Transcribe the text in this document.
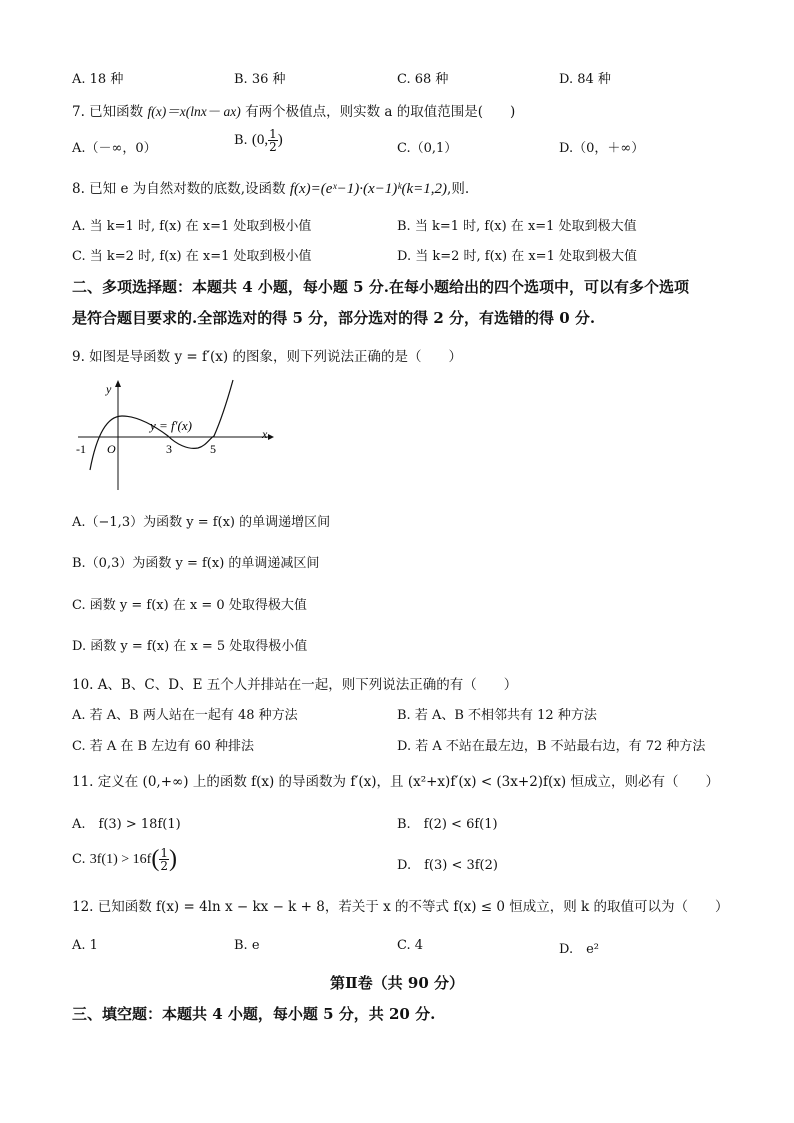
A. 18 种	B. 36 种	C. 68 种	D. 84 种
7. 已知函数 f(x)＝x(lnx－ ax) 有两个极值点，则实数 a 的取值范围是(　　)
A.（－∞，0）
B. (0, $\frac{1}{2}$ )
C.（0,1）	D.（0，＋∞）
8. 已知 e 为自然对数的底数,设函数 f(x)=(eˣ−1)·(x−1)ᵏ(k=1,2),则.
A. 当 k=1 时, f(x) 在 x=1 处取到极小值	B. 当 k=1 时, f(x) 在 x=1 处取到极大值
C. 当 k=2 时, f(x) 在 x=1 处取到极小值	D. 当 k=2 时, f(x) 在 x=1 处取到极大值
二、多项选择题：本题共 4 小题，每小题 5 分.在每小题给出的四个选项中，可以有多个选项
是符合题目要求的.全部选对的得 5 分，部分选对的得 2 分，有选错的得 0 分.
9. 如图是导函数 y = f′(x) 的图象，则下列说法正确的是（　　）
y
x
O
y = f′(x)
-1	3	5
A.（−1,3）为函数 y = f(x) 的单调递增区间
B.（0,3）为函数 y = f(x) 的单调递减区间
C. 函数 y = f(x) 在 x = 0 处取得极大值
D. 函数 y = f(x) 在 x = 5 处取得极小值
10. A、B、C、D、E 五个人并排站在一起，则下列说法正确的有（　　）
A. 若 A、B 两人站在一起有 48 种方法	B. 若 A、B 不相邻共有 12 种方法
C. 若 A 在 B 左边有 60 种排法	D. 若 A 不站在最左边，B 不站最右边，有 72 种方法
11. 定义在 (0,+∞) 上的函数 f(x) 的导函数为 f′(x)，且 (x²+x)f′(x) < (3x+2)f(x) 恒成立，则必有（　　）
A.　f(3) > 18f(1)	B.　f(2) < 6f(1)
C. $3f(1) > 16f( \frac{1}{2}$ )	D.　f(3) < 3f(2)
12. 已知函数 f(x) = 4ln x − kx − k + 8，若关于 x 的不等式 f(x) ≤ 0 恒成立，则 k 的取值可以为（　　）
A. 1	B. e	C. 4	D.　e²
第Ⅱ卷（共 90 分）
三、填空题：本题共 4 小题，每小题 5 分，共 20 分.
